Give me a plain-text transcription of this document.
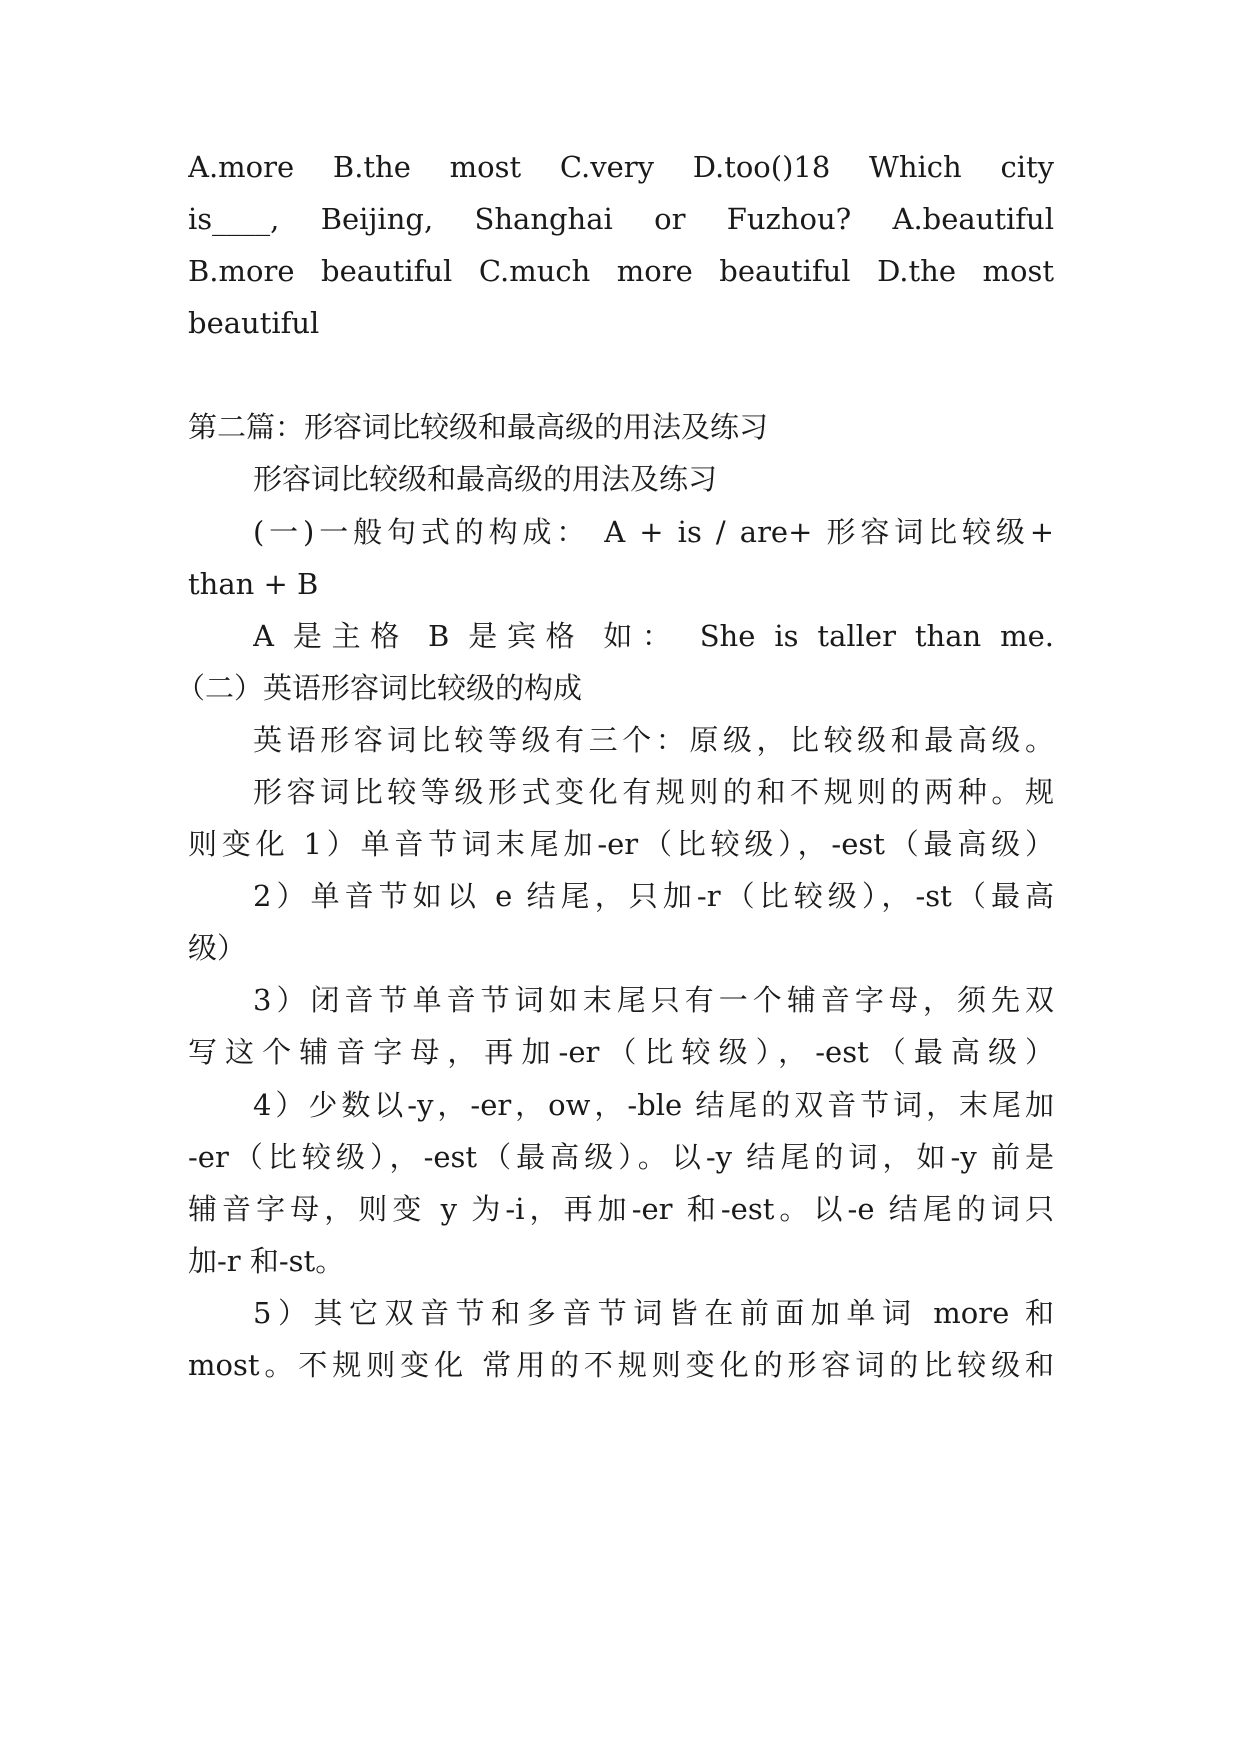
A.more B.the most C.very D.too()18 Which city
is____, Beijing, Shanghai or Fuzhou? A.beautiful
B.more beautiful C.much more beautiful D.the most
beautiful
第二篇：形容词比较级和最高级的用法及练习
形容词比较级和最高级的用法及练习
(一)一般句式的构成： A + is / are+ 形容词比较级+
than + B
A 是主格 B 是宾格 如： She is taller than me.
（二）英语形容词比较级的构成
英语形容词比较等级有三个：原级，比较级和最高级。
形容词比较等级形式变化有规则的和不规则的两种。规
则变化 1）单音节词末尾加-er（比较级），-est（最高级）
2）单音节如以 e 结尾，只加-r（比较级），-st（最高
级）
3）闭音节单音节词如末尾只有一个辅音字母，须先双
写这个辅音字母，再加-er（比较级），-est（最高级）
4）少数以-y，-er，ow，-ble 结尾的双音节词，末尾加
-er（比较级），-est（最高级）。以-y 结尾的词，如-y 前是
辅音字母，则变 y 为-i，再加-er 和-est。以-e 结尾的词只
加-r 和-st。
5）其它双音节和多音节词皆在前面加单词 more 和
most。不规则变化 常用的不规则变化的形容词的比较级和
